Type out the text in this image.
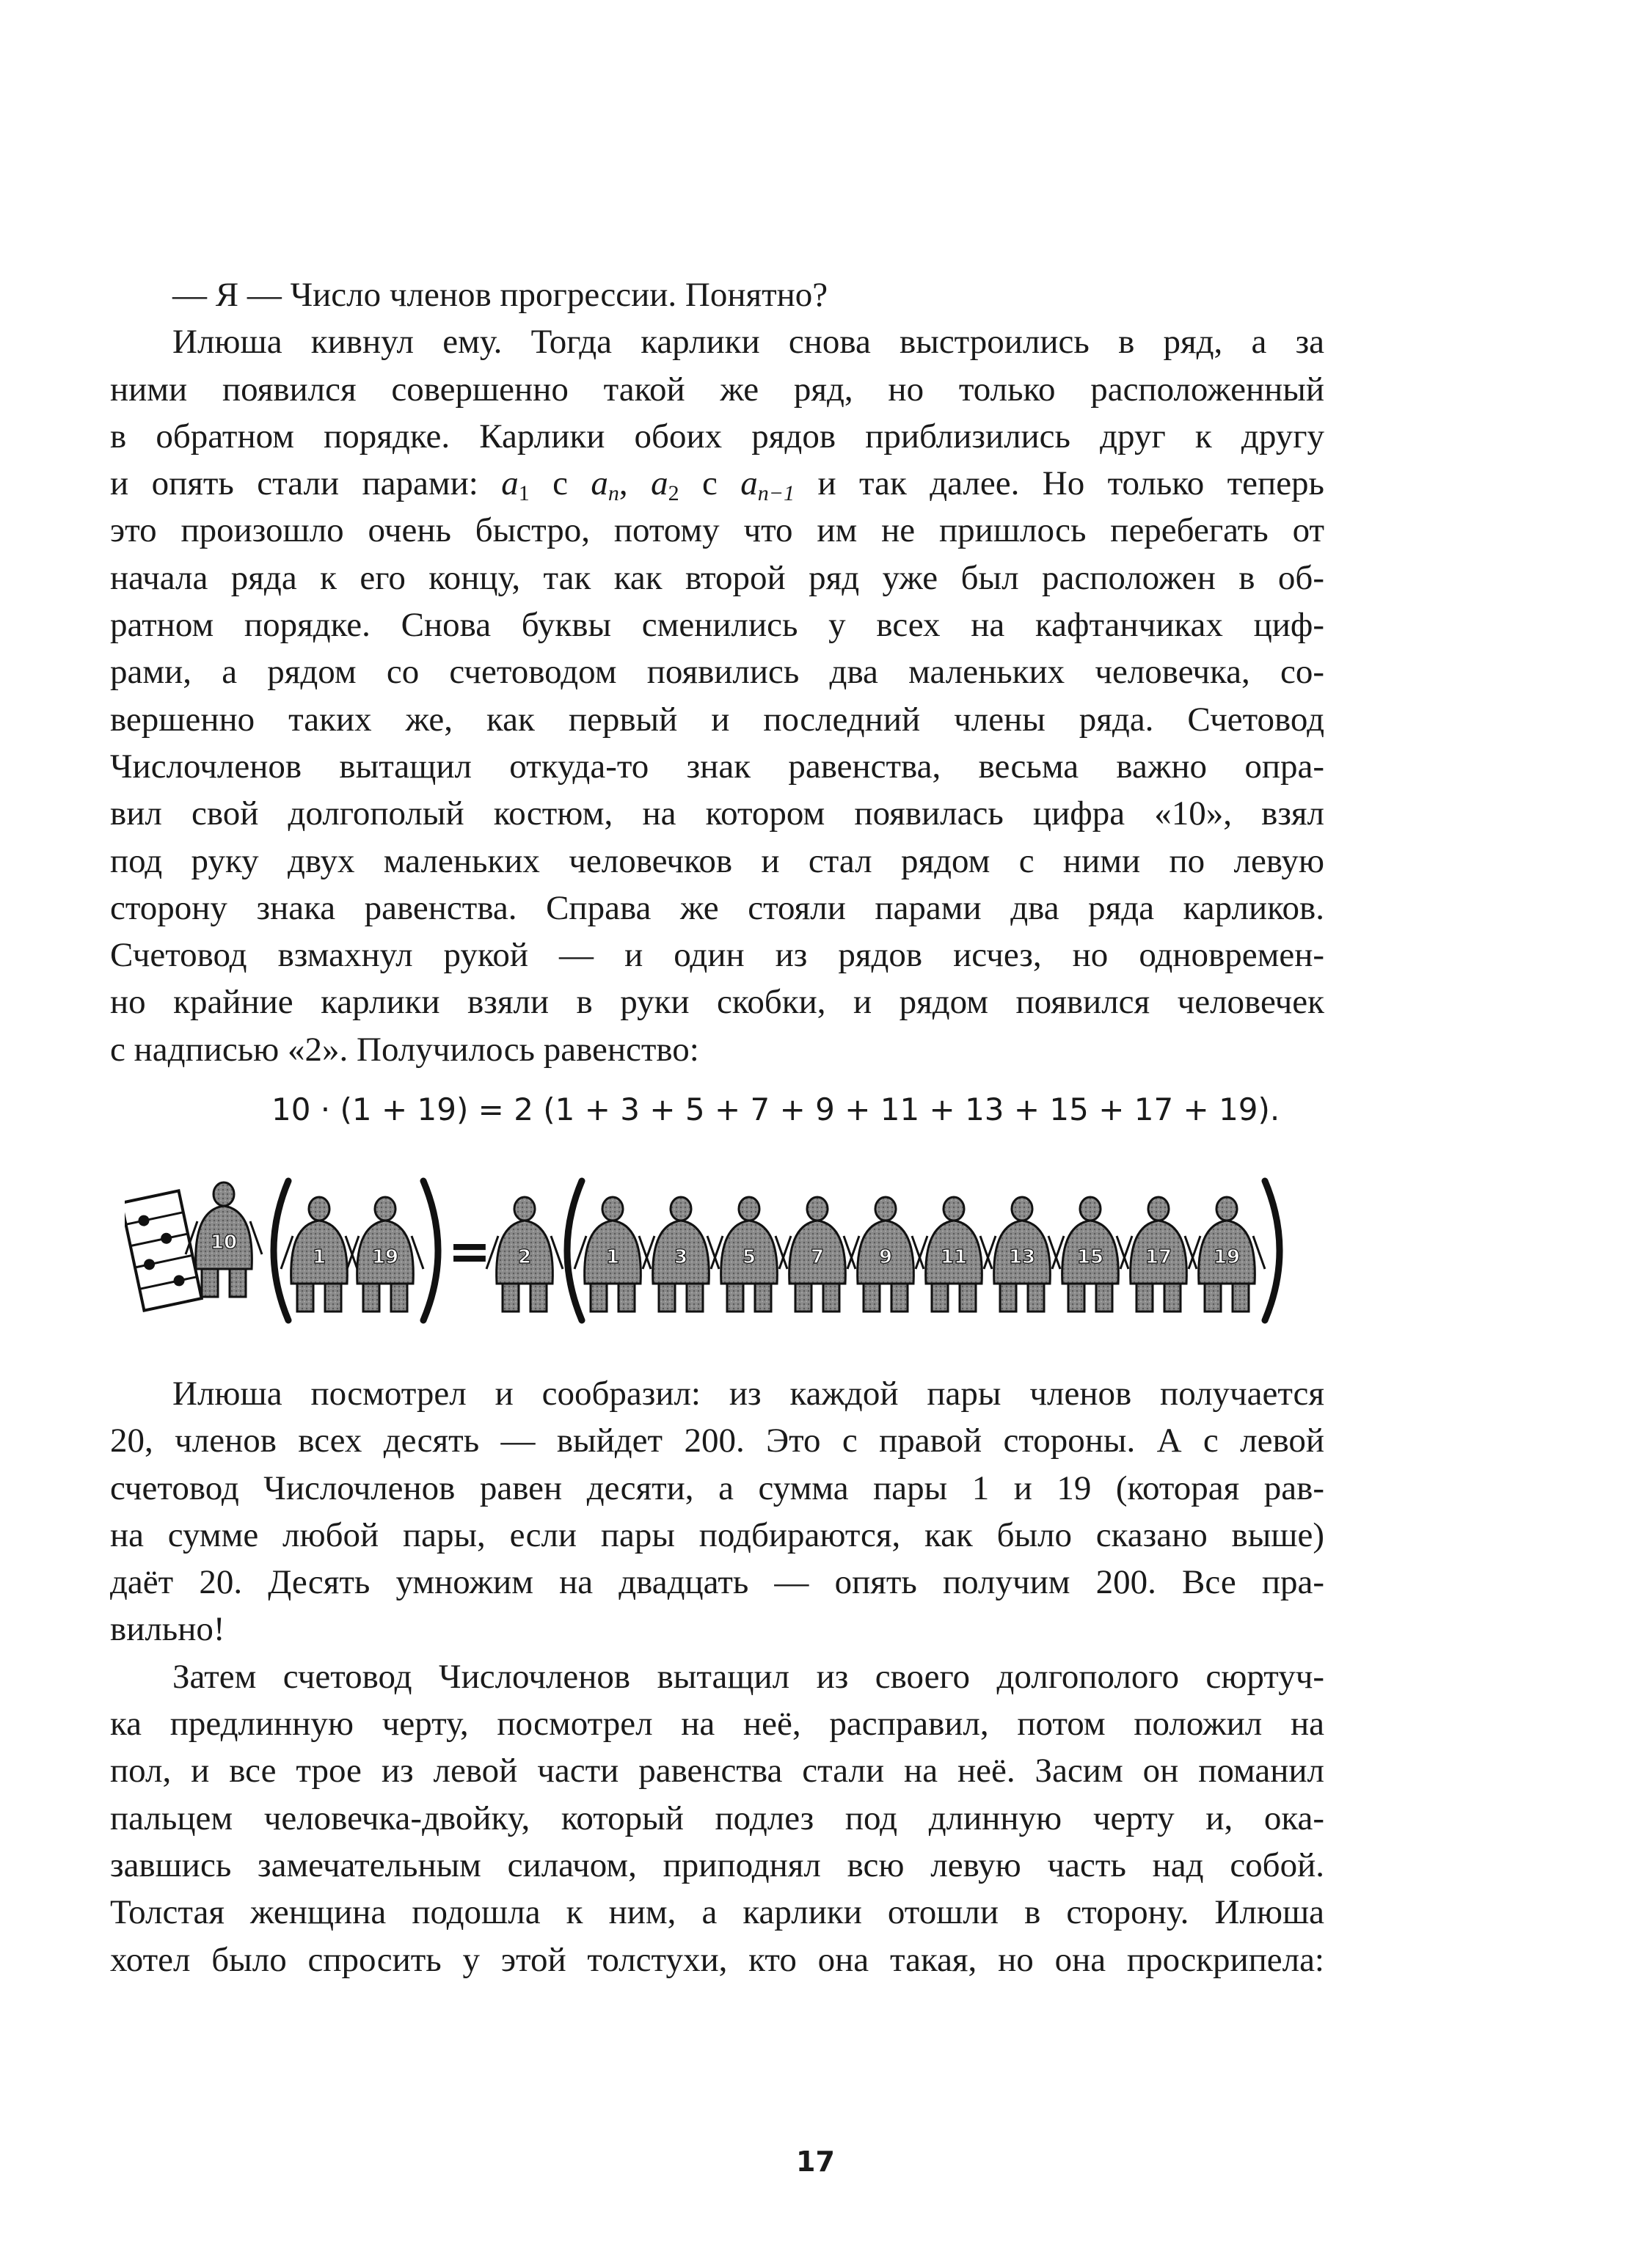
— Я — Число членов прогрессии. Понятно?
Илюша кивнул ему. Тогда карлики снова выстроились в ряд, а за
ними появился совершенно такой же ряд, но только расположенный
в обратном порядке. Карлики обоих рядов приблизились друг к другу
и опять стали парами: $a_1$ с $a_n$, $a_2$ с $a_{n-1}$ и так далее. Но только теперь
это произошло очень быстро, потому что им не пришлось перебегать от
начала ряда к его концу, так как второй ряд уже был расположен в об-
ратном порядке. Снова буквы сменились у всех на кафтанчиках циф-
рами, а рядом со счетоводом появились два маленьких человечка, со-
вершенно таких же, как первый и последний члены ряда. Счетовод
Числочленов вытащил откуда-то знак равенства, весьма важно опра-
вил свой долгополый костюм, на котором появилась цифра «10», взял
под руку двух маленьких человечков и стал рядом с ними по левую
сторону знака равенства. Справа же стояли парами два ряда карликов.
Счетовод взмахнул рукой — и один из рядов исчез, но одновремен-
но крайние карлики взяли в руки скобки, и рядом появился человечек
с надписью «2». Получилось равенство:
10 · (1 + 19) = 2 (1 + 3 + 5 + 7 + 9 + 11 + 13 + 15 + 17 + 19).
10
1 19 = 2	1	3	5	7	9	11 13 15 17 19
Илюша посмотрел и сообразил: из каждой пары членов получается
20, членов всех десять — выйдет 200. Это с правой стороны. А с левой
счетовод Числочленов равен десяти, а сумма пары 1 и 19 (которая рав-
на сумме любой пары, если пары подбираются, как было сказано выше)
даёт 20. Десять умножим на двадцать — опять получим 200. Все пра-
вильно!
Затем счетовод Числочленов вытащил из своего долгополого сюртуч-
ка предлинную черту, посмотрел на неё, расправил, потом положил на
пол, и все трое из левой части равенства стали на неё. Засим он поманил
пальцем человечка-двойку, который подлез под длинную черту и, ока-
завшись замечательным силачом, приподнял всю левую часть над собой.
Толстая женщина подошла к ним, а карлики отошли в сторону. Илюша
хотел было спросить у этой толстухи, кто она такая, но она проскрипела:
17
